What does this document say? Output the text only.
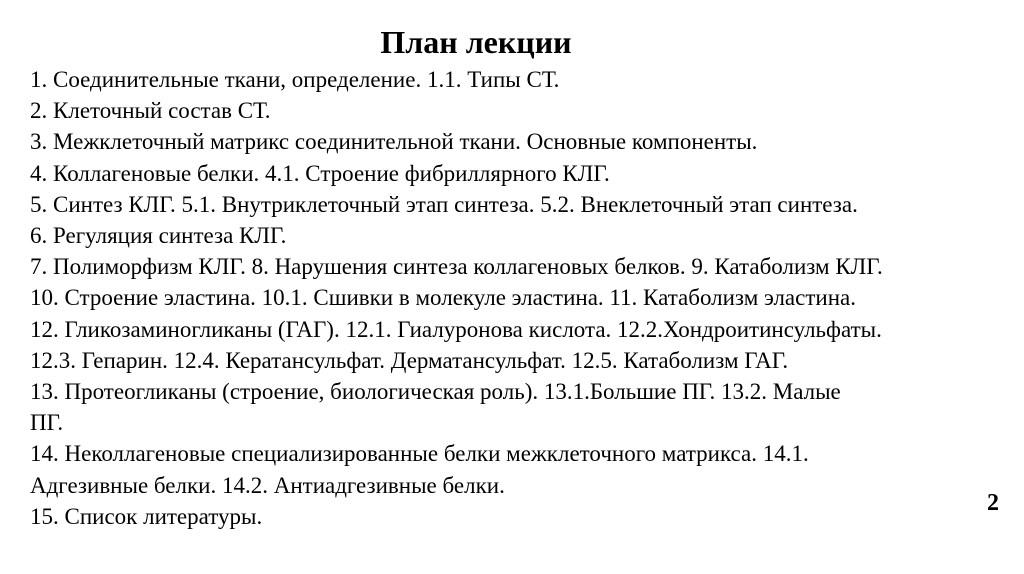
План лекции
1. Соединительные ткани, определение. 1.1. Типы СТ.
2. Клеточный состав СТ.
3. Межклеточный матрикс соединительной ткани. Основные компоненты.
4. Коллагеновые белки. 4.1. Строение фибриллярного КЛГ.
5. Синтез КЛГ. 5.1. Внутриклеточный этап синтеза. 5.2. Внеклеточный этап синтеза.
6. Регуляция синтеза КЛГ.
7. Полиморфизм КЛГ. 8. Нарушения синтеза коллагеновых белков. 9. Катаболизм КЛГ.
10. Строение эластина. 10.1. Сшивки в молекуле эластина. 11. Катаболизм эластина.
12. Гликозаминогликаны (ГАГ). 12.1. Гиалуронова кислота. 12.2.Хондроитинсульфаты.
12.3. Гепарин. 12.4. Кератансульфат. Дерматансульфат. 12.5. Катаболизм ГАГ.
13. Протеогликаны (строение, биологическая роль). 13.1.Большие ПГ. 13.2. Малые
ПГ.
14. Неколлагеновые специализированные белки межклеточного матрикса. 14.1.
Адгезивные белки. 14.2. Антиадгезивные белки.
15. Список литературы.
2
